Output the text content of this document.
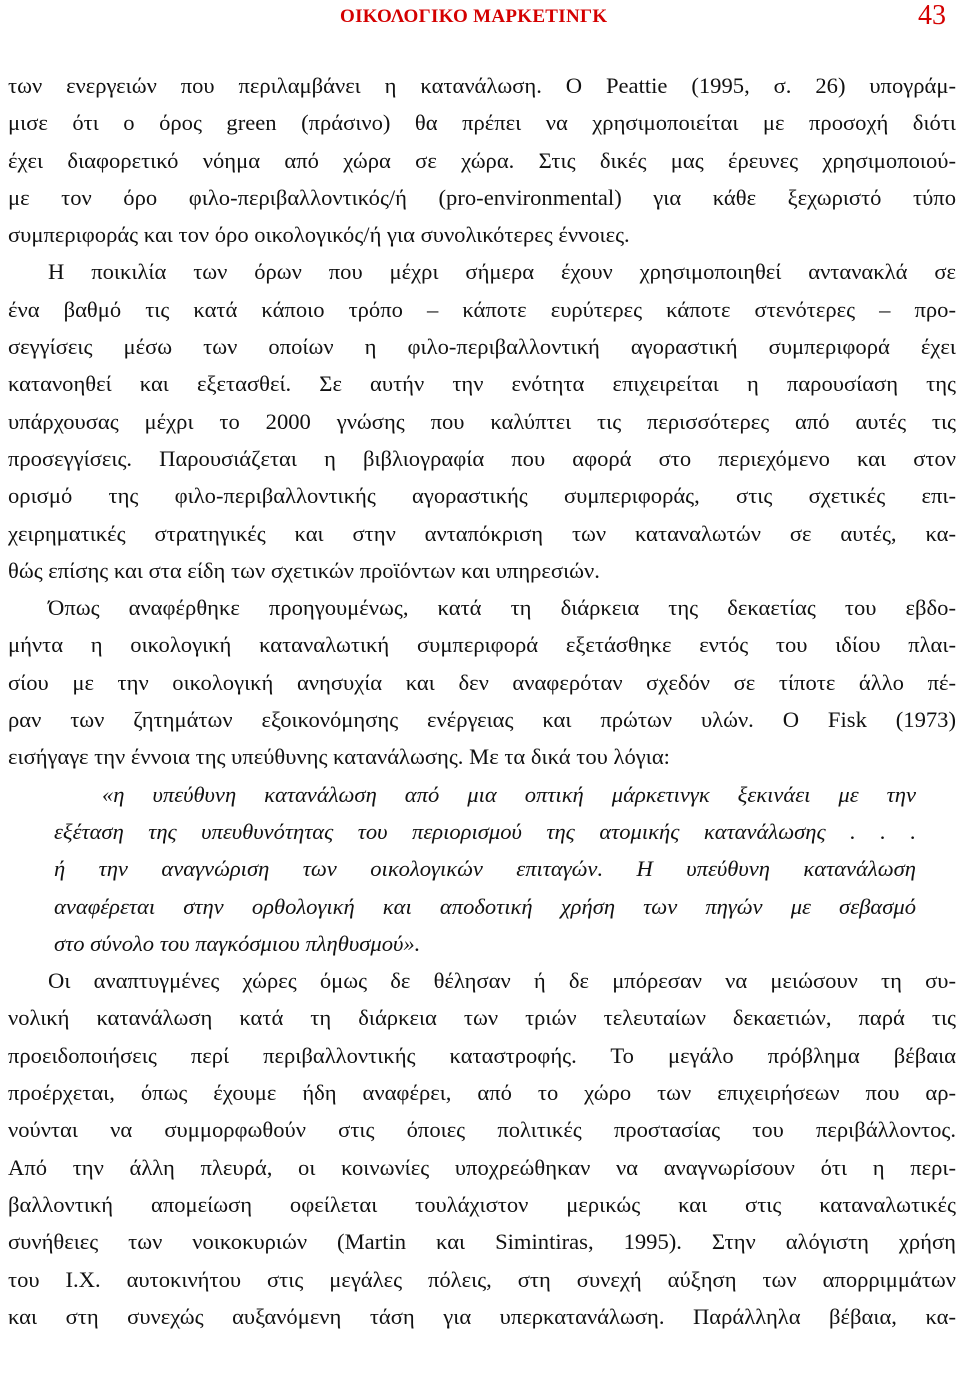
ΟΙΚΟΛΟΓΙΚΟ ΜΑΡΚΕΤΙΝΓΚ	43
των ενεργειών που περιλαμβάνει η κατανάλωση. Ο Peattie (1995, σ. 26) υπογράμ-
μισε ότι ο όρος green (πράσινο) θα πρέπει να χρησιμοποιείται με προσοχή διότι
έχει διαφορετικό νόημα από χώρα σε χώρα. Στις δικές μας έρευνες χρησιμοποιού-
με τον όρο φιλο-περιβαλλοντικός/ή (pro-environmental) για κάθε ξεχωριστό τύπο
συμπεριφοράς και τον όρο οικολογικός/ή για συνολικότερες έννοιες.
Η ποικιλία των όρων που μέχρι σήμερα έχουν χρησιμοποιηθεί αντανακλά σε
ένα βαθμό τις κατά κάποιο τρόπο – κάποτε ευρύτερες κάποτε στενότερες – προ-
σεγγίσεις μέσω των οποίων η φιλο-περιβαλλοντική αγοραστική συμπεριφορά έχει
κατανοηθεί και εξετασθεί. Σε αυτήν την ενότητα επιχειρείται η παρουσίαση της
υπάρχουσας μέχρι το 2000 γνώσης που καλύπτει τις περισσότερες από αυτές τις
προσεγγίσεις. Παρουσιάζεται η βιβλιογραφία που αφορά στο περιεχόμενο και στον
ορισμό της φιλο-περιβαλλοντικής αγοραστικής συμπεριφοράς, στις σχετικές επι-
χειρηματικές στρατηγικές και στην ανταπόκριση των καταναλωτών σε αυτές, κα-
θώς επίσης και στα είδη των σχετικών προϊόντων και υπηρεσιών.
Όπως αναφέρθηκε προηγουμένως, κατά τη διάρκεια της δεκαετίας του εβδο-
μήντα η οικολογική καταναλωτική συμπεριφορά εξετάσθηκε εντός του ιδίου πλαι-
σίου με την οικολογική ανησυχία και δεν αναφερόταν σχεδόν σε τίποτε άλλο πέ-
ραν των ζητημάτων εξοικονόμησης ενέργειας και πρώτων υλών. Ο Fisk (1973)
εισήγαγε την έννοια της υπεύθυνης κατανάλωσης. Με τα δικά του λόγια:
«η υπεύθυνη κατανάλωση από μια οπτική μάρκετινγκ ξεκινάει με την
εξέταση της υπευθυνότητας του περιορισμού της ατομικής κατανάλωσης . . .
ή την αναγνώριση των οικολογικών επιταγών. Η υπεύθυνη κατανάλωση
αναφέρεται στην ορθολογική και αποδοτική χρήση των πηγών με σεβασμό
στο σύνολο του παγκόσμιου πληθυσμού».
Οι αναπτυγμένες χώρες όμως δε θέλησαν ή δε μπόρεσαν να μειώσουν τη συ-
νολική κατανάλωση κατά τη διάρκεια των τριών τελευταίων δεκαετιών, παρά τις
προειδοποιήσεις περί περιβαλλοντικής καταστροφής. Το μεγάλο πρόβλημα βέβαια
προέρχεται, όπως έχουμε ήδη αναφέρει, από το χώρο των επιχειρήσεων που αρ-
νούνται να συμμορφωθούν στις όποιες πολιτικές προστασίας του περιβάλλοντος.
Από την άλλη πλευρά, οι κοινωνίες υποχρεώθηκαν να αναγνωρίσουν ότι η περι-
βαλλοντική απομείωση οφείλεται τουλάχιστον μερικώς και στις καταναλωτικές
συνήθειες των νοικοκυριών (Martin και Simintiras, 1995). Στην αλόγιστη χρήση
του Ι.Χ. αυτοκινήτου στις μεγάλες πόλεις, στη συνεχή αύξηση των απορριμμάτων
και στη συνεχώς αυξανόμενη τάση για υπερκατανάλωση. Παράλληλα βέβαια, κα-
